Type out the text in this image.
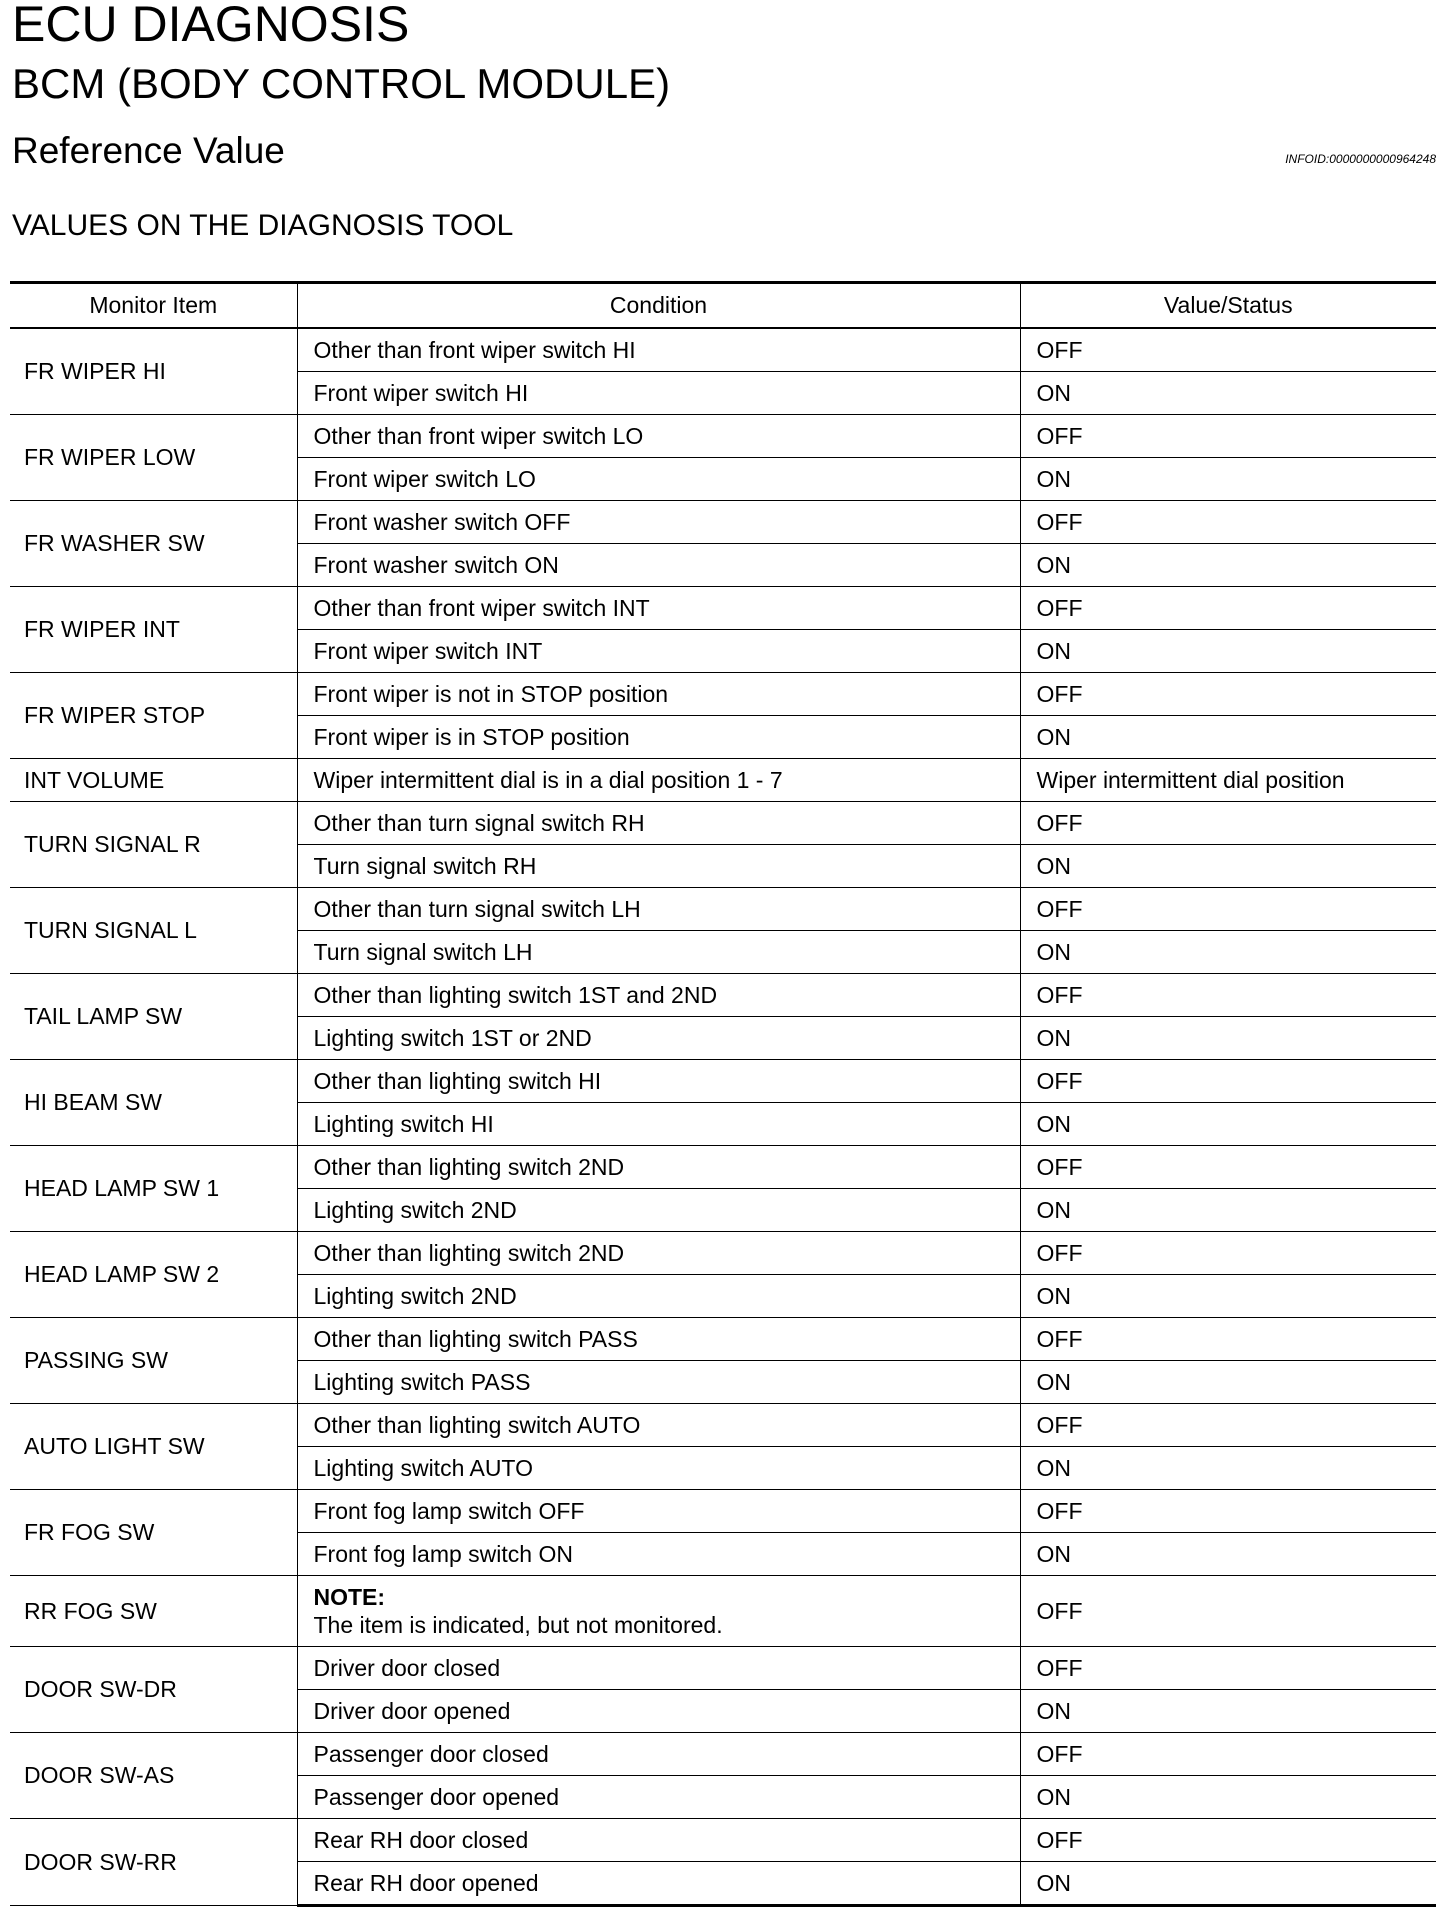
ECU DIAGNOSIS
BCM (BODY CONTROL MODULE)
Reference Value	INFOID:0000000000964248
VALUES ON THE DIAGNOSIS TOOL
Monitor Item	Condition	Value/Status
FR WIPER HI	Other than front wiper switch HI	OFF
	Front wiper switch HI	ON
FR WIPER LOW	Other than front wiper switch LO	OFF
	Front wiper switch LO	ON
FR WASHER SW	Front washer switch OFF	OFF
	Front washer switch ON	ON
FR WIPER INT	Other than front wiper switch INT	OFF
	Front wiper switch INT	ON
FR WIPER STOP	Front wiper is not in STOP position	OFF
	Front wiper is in STOP position	ON
INT VOLUME	Wiper intermittent dial is in a dial position 1 - 7	Wiper intermittent dial position
TURN SIGNAL R	Other than turn signal switch RH	OFF
	Turn signal switch RH	ON
TURN SIGNAL L	Other than turn signal switch LH	OFF
	Turn signal switch LH	ON
TAIL LAMP SW	Other than lighting switch 1ST and 2ND	OFF
	Lighting switch 1ST or 2ND	ON
HI BEAM SW	Other than lighting switch HI	OFF
	Lighting switch HI	ON
HEAD LAMP SW 1	Other than lighting switch 2ND	OFF
	Lighting switch 2ND	ON
HEAD LAMP SW 2	Other than lighting switch 2ND	OFF
	Lighting switch 2ND	ON
PASSING SW	Other than lighting switch PASS	OFF
	Lighting switch PASS	ON
AUTO LIGHT SW	Other than lighting switch AUTO	OFF
	Lighting switch AUTO	ON
FR FOG SW	Front fog lamp switch OFF	OFF
	Front fog lamp switch ON	ON
RR FOG SW	NOTE:
The item is indicated, but not monitored.	OFF
DOOR SW-DR	Driver door closed	OFF
	Driver door opened	ON
DOOR SW-AS	Passenger door closed	OFF
	Passenger door opened	ON
DOOR SW-RR	Rear RH door closed	OFF
	Rear RH door opened	ON
